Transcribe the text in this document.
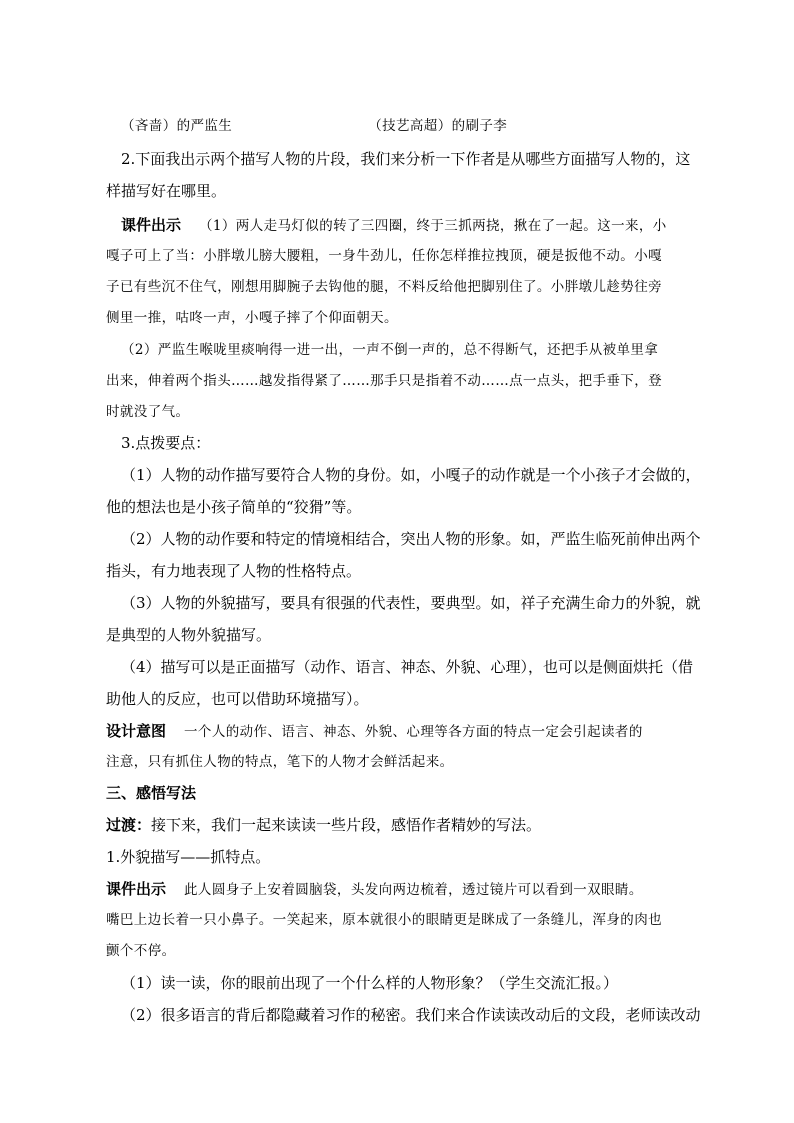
（吝啬）的严监生	（技艺高超）的刷子李
2.下面我出示两个描写人物的片段，我们来分析一下作者是从哪些方面描写人物的，这
样描写好在哪里。
课件出示 （1）两人走马灯似的转了三四圈，终于三抓两挠，揪在了一起。这一来，小
嘎子可上了当：小胖墩儿膀大腰粗，一身牛劲儿，任你怎样推拉拽顶，硬是扳他不动。小嘎
子已有些沉不住气，刚想用脚腕子去钩他的腿，不料反给他把脚别住了。小胖墩儿趁势往旁
侧里一推，咕咚一声，小嘎子摔了个仰面朝天。
（2）严监生喉咙里痰响得一进一出，一声不倒一声的，总不得断气，还把手从被单里拿
出来，伸着两个指头……越发指得紧了……那手只是指着不动……点一点头，把手垂下，登
时就没了气。
3.点拨要点：
（1）人物的动作描写要符合人物的身份。如，小嘎子的动作就是一个小孩子才会做的，
他的想法也是小孩子简单的“狡猾”等。
（2）人物的动作要和特定的情境相结合，突出人物的形象。如，严监生临死前伸出两个
指头，有力地表现了人物的性格特点。
（3）人物的外貌描写，要具有很强的代表性，要典型。如，祥子充满生命力的外貌，就
是典型的人物外貌描写。
（4）描写可以是正面描写（动作、语言、神态、外貌、心理），也可以是侧面烘托（借
助他人的反应，也可以借助环境描写）。
设计意图 一个人的动作、语言、神态、外貌、心理等各方面的特点一定会引起读者的
注意，只有抓住人物的特点，笔下的人物才会鲜活起来。
三、感悟写法
过渡：接下来，我们一起来读读一些片段，感悟作者精妙的写法。
1.外貌描写——抓特点。
课件出示 此人圆身子上安着圆脑袋，头发向两边梳着，透过镜片可以看到一双眼睛。
嘴巴上边长着一只小鼻子。一笑起来，原本就很小的眼睛更是眯成了一条缝儿，浑身的肉也
颤个不停。
（1）读一读，你的眼前出现了一个什么样的人物形象？（学生交流汇报。）
（2）很多语言的背后都隐藏着习作的秘密。我们来合作读读改动后的文段，老师读改动
